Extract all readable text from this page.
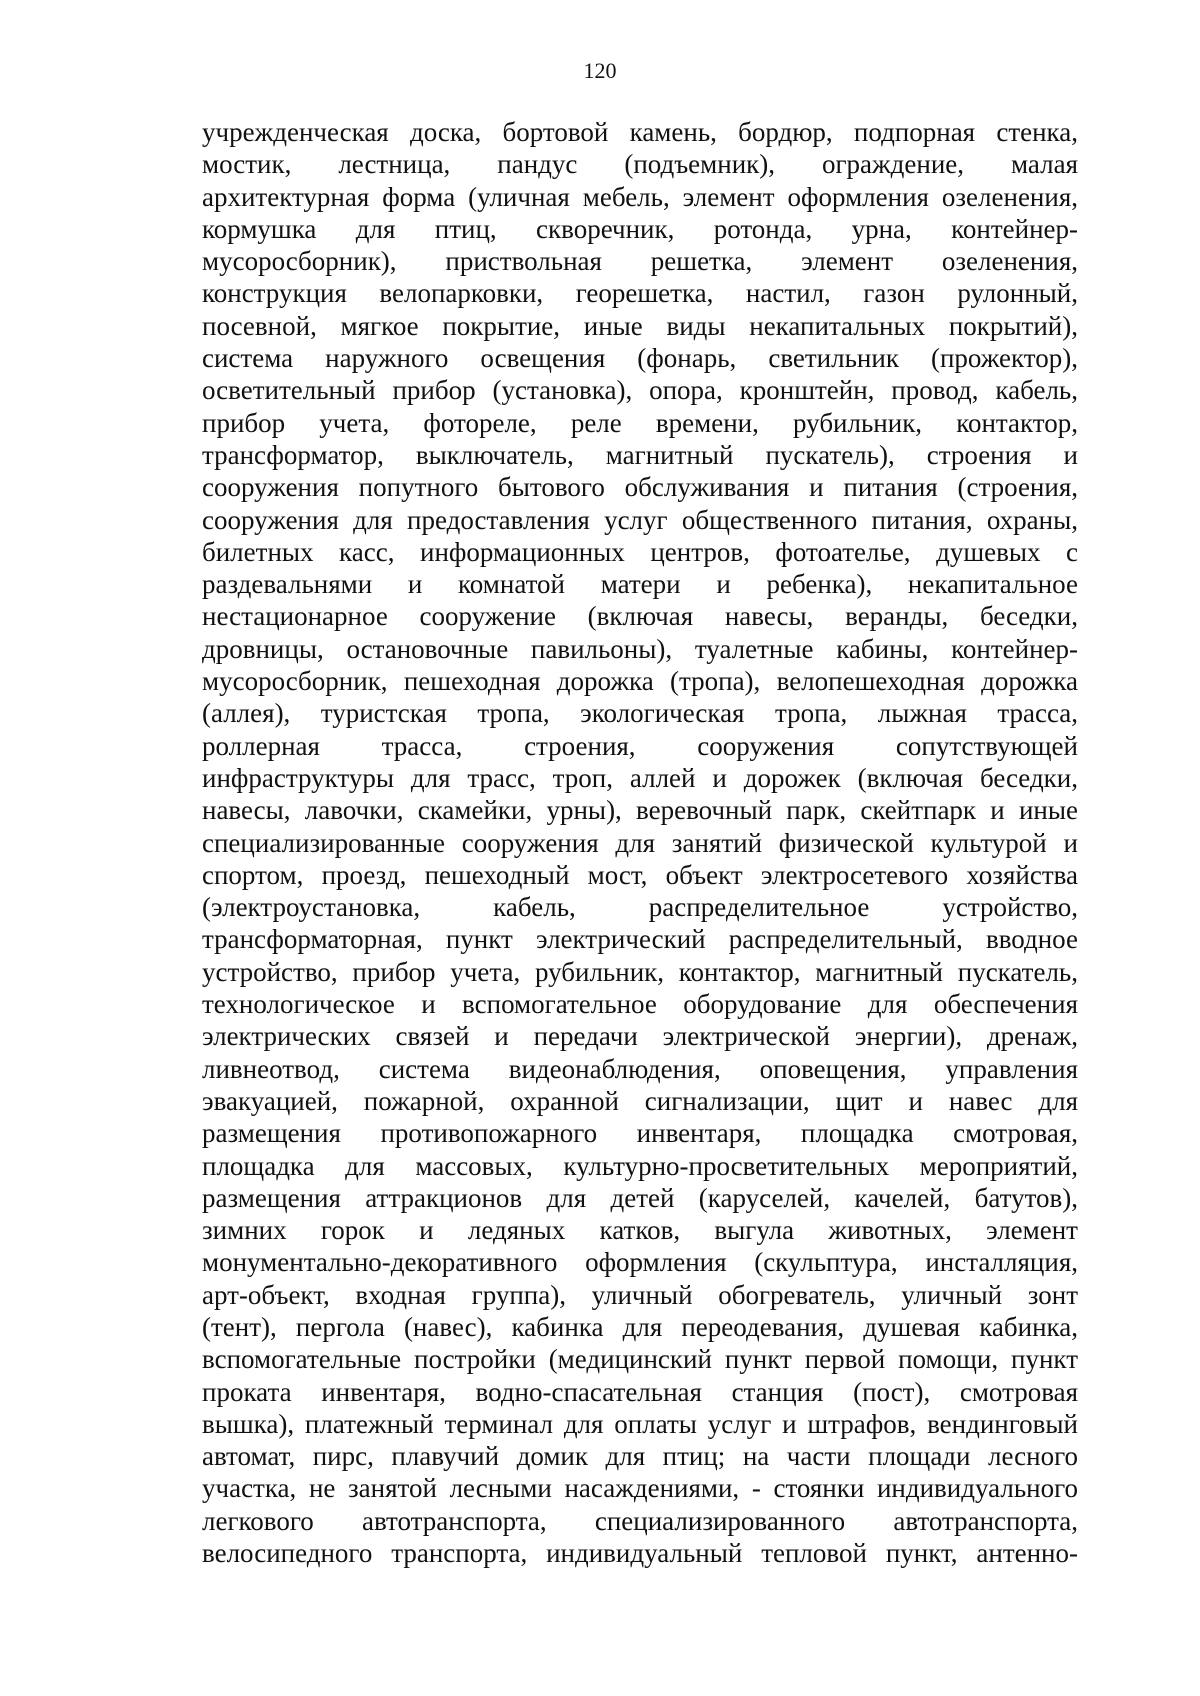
120
учрежденческая доска, бортовой камень, бордюр, подпорная стенка,
мостик, лестница, пандус (подъемник), ограждение, малая
архитектурная форма (уличная мебель, элемент оформления озеленения,
кормушка для птиц, скворечник, ротонда, урна, контейнер-
мусоросборник), приствольная решетка, элемент озеленения,
конструкция велопарковки, георешетка, настил, газон рулонный,
посевной, мягкое покрытие, иные виды некапитальных покрытий),
система наружного освещения (фонарь, светильник (прожектор),
осветительный прибор (установка), опора, кронштейн, провод, кабель,
прибор учета, фотореле, реле времени, рубильник, контактор,
трансформатор, выключатель, магнитный пускатель), строения и
сооружения попутного бытового обслуживания и питания (строения,
сооружения для предоставления услуг общественного питания, охраны,
билетных касс, информационных центров, фотоателье, душевых с
раздевальнями и комнатой матери и ребенка), некапитальное
нестационарное сооружение (включая навесы, веранды, беседки,
дровницы, остановочные павильоны), туалетные кабины, контейнер-
мусоросборник, пешеходная дорожка (тропа), велопешеходная дорожка
(аллея), туристская тропа, экологическая тропа, лыжная трасса,
роллерная трасса, строения, сооружения сопутствующей
инфраструктуры для трасс, троп, аллей и дорожек (включая беседки,
навесы, лавочки, скамейки, урны), веревочный парк, скейтпарк и иные
специализированные сооружения для занятий физической культурой и
спортом, проезд, пешеходный мост, объект электросетевого хозяйства
(электроустановка, кабель, распределительное устройство,
трансформаторная, пункт электрический распределительный, вводное
устройство, прибор учета, рубильник, контактор, магнитный пускатель,
технологическое и вспомогательное оборудование для обеспечения
электрических связей и передачи электрической энергии), дренаж,
ливнеотвод, система видеонаблюдения, оповещения, управления
эвакуацией, пожарной, охранной сигнализации, щит и навес для
размещения противопожарного инвентаря, площадка смотровая,
площадка для массовых, культурно-просветительных мероприятий,
размещения аттракционов для детей (каруселей, качелей, батутов),
зимних горок и ледяных катков, выгула животных, элемент
монументально-декоративного оформления (скульптура, инсталляция,
арт-объект, входная группа), уличный обогреватель, уличный зонт
(тент), пергола (навес), кабинка для переодевания, душевая кабинка,
вспомогательные постройки (медицинский пункт первой помощи, пункт
проката инвентаря, водно-спасательная станция (пост), смотровая
вышка), платежный терминал для оплаты услуг и штрафов, вендинговый
автомат, пирс, плавучий домик для птиц; на части площади лесного
участка, не занятой лесными насаждениями, - стоянки индивидуального
легкового автотранспорта, специализированного автотранспорта,
велосипедного транспорта, индивидуальный тепловой пункт, антенно-
